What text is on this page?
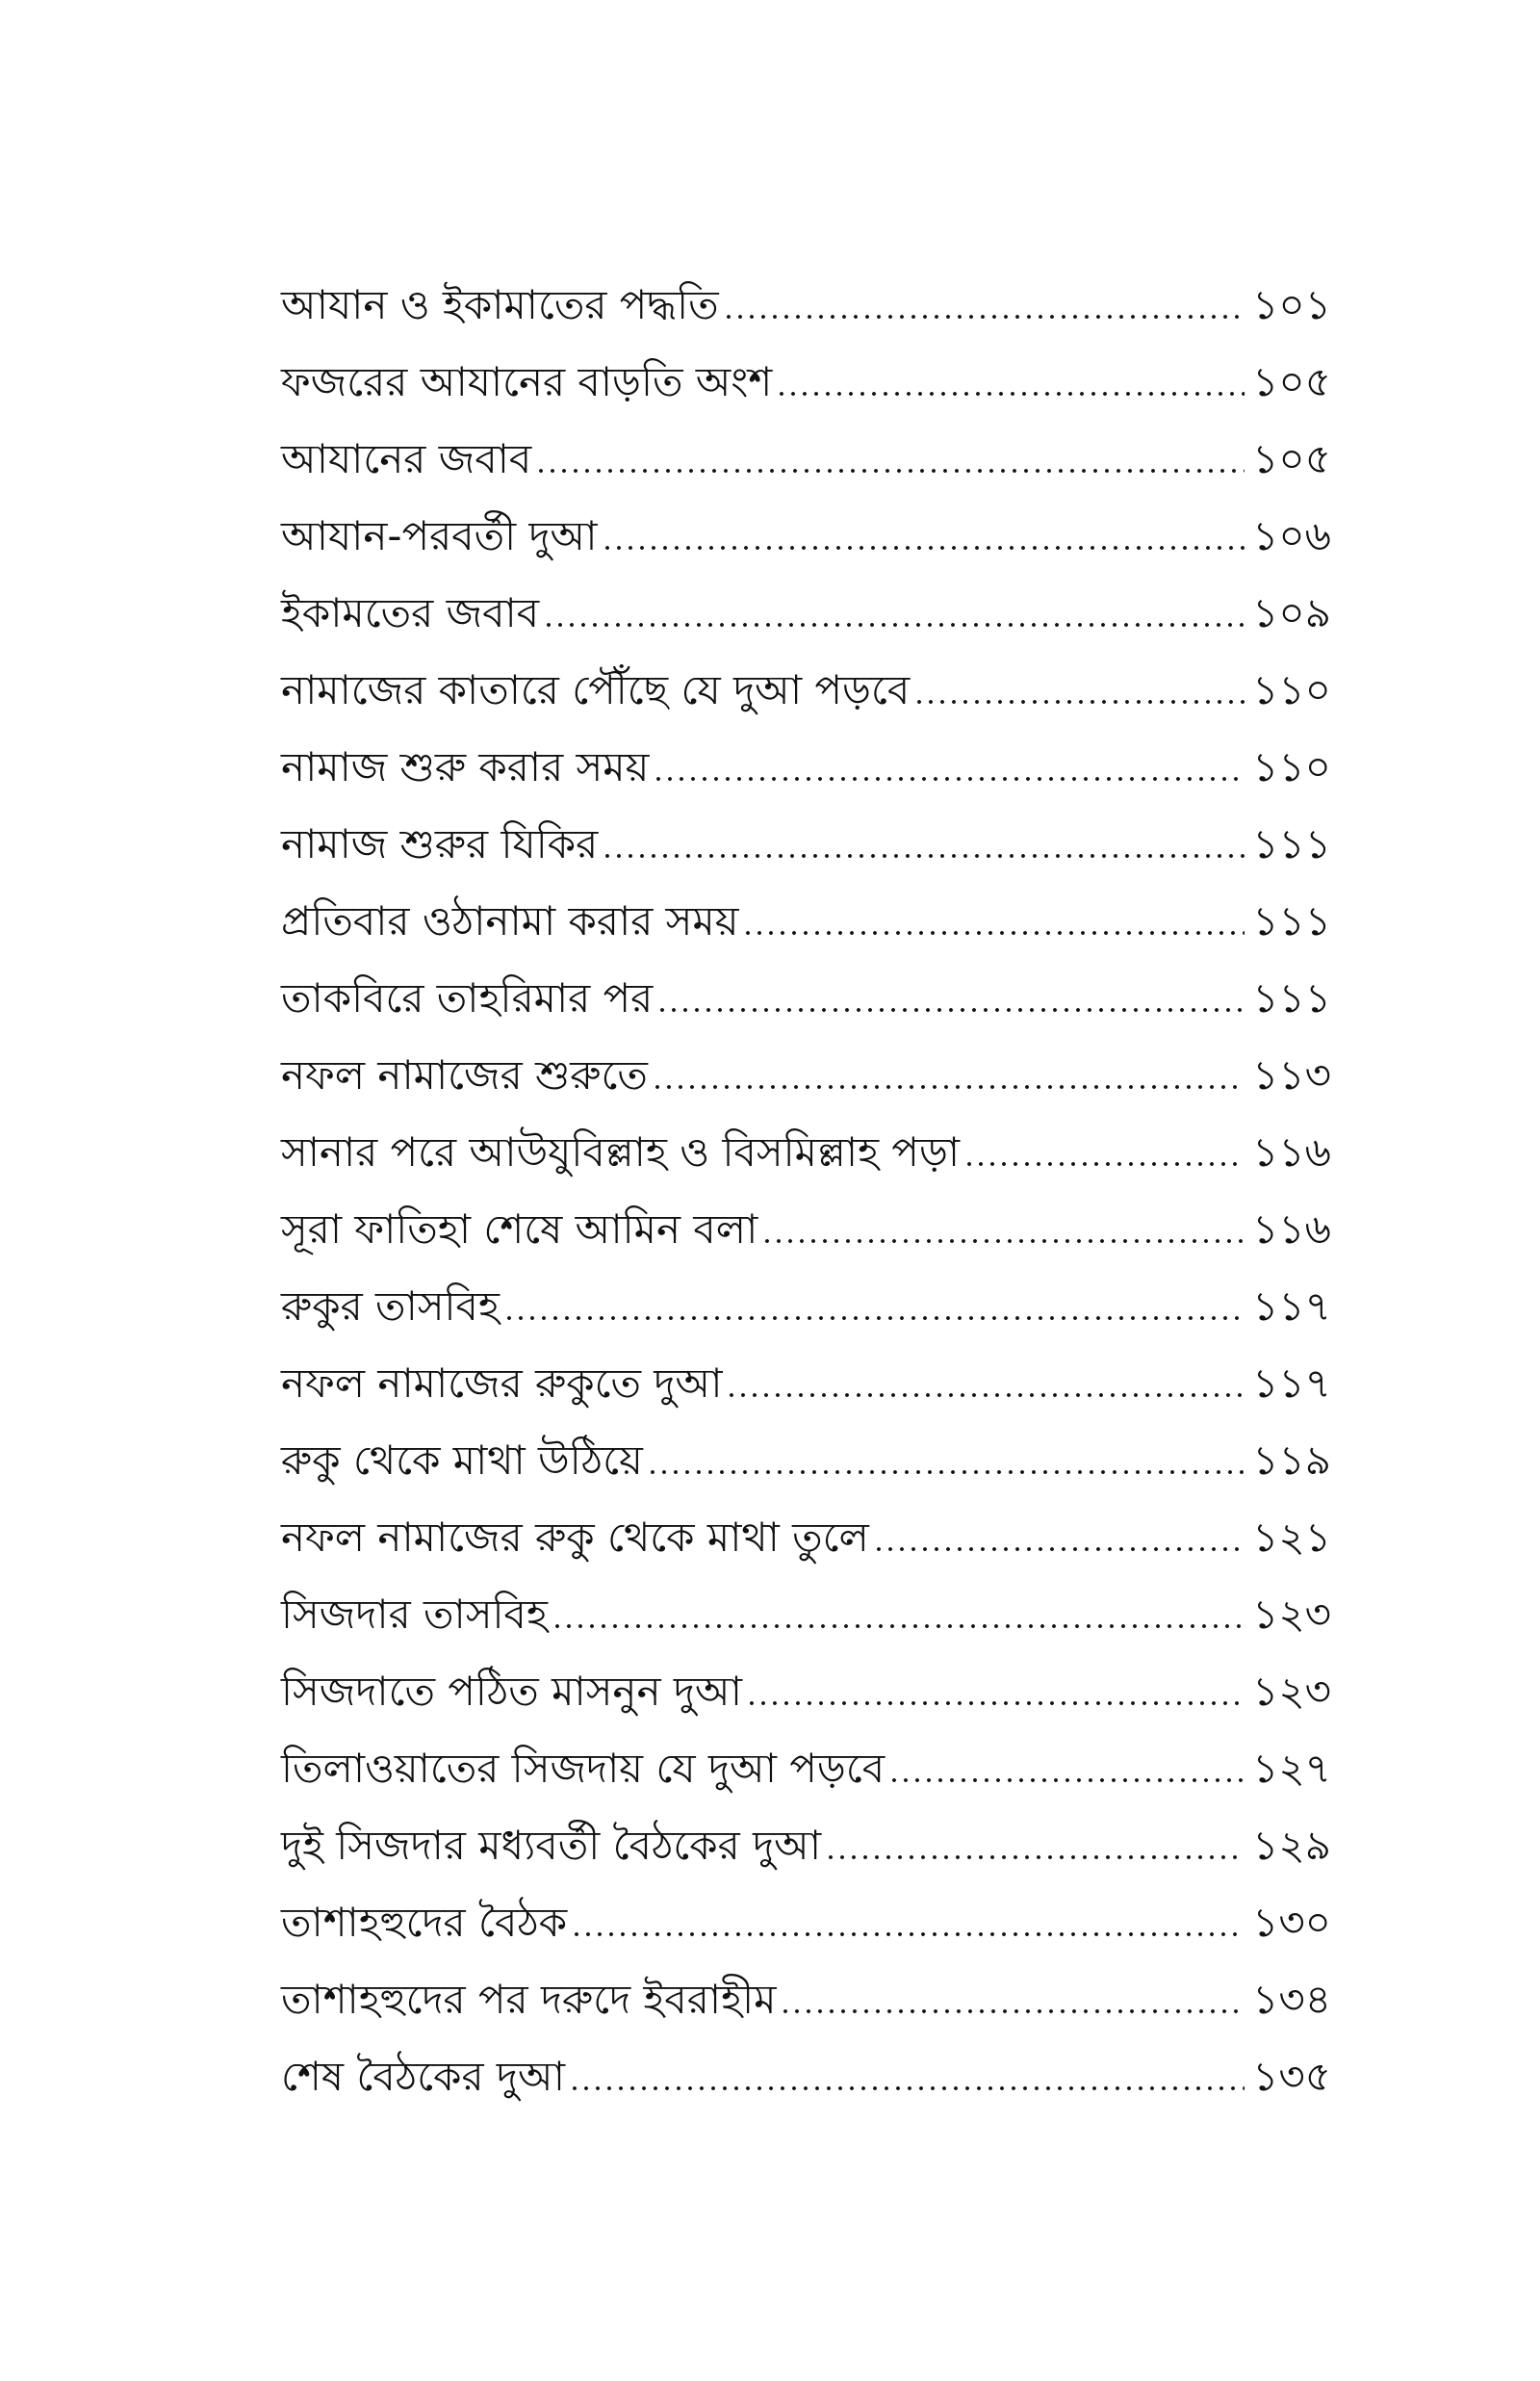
আযান ও ইকামাতের পদ্ধতি	১০১
ফজরের আযানের বাড়তি অংশ	১০৫
আযানের জবাব	১০৫
আযান-পরবর্তী দুআ	১০৬
ইকামতের জবাব	১০৯
নামাজের কাতারে পৌঁছে যে দুআ পড়বে	১১০
নামাজ শুরু করার সময়	১১০
নামাজ শুরুর যিকির	১১১
প্রতিবার ওঠানামা করার সময়	১১১
তাকবিরে তাহরিমার পর	১১১
নফল নামাজের শুরুতে	১১৩
সানার পরে আউযুবিল্লাহ ও বিসমিল্লাহ পড়া	১১৬
সূরা ফাতিহা শেষে আমিন বলা	১১৬
রুকুর তাসবিহ	১১৭
নফল নামাজের রুকুতে দুআ	১১৭
রুকু থেকে মাথা উঠিয়ে	১১৯
নফল নামাজের রুকু থেকে মাথা তুলে	১২১
সিজদার তাসবিহ	১২৩
সিজদাতে পঠিত মাসনুন দুআ	১২৩
তিলাওয়াতের সিজদায় যে দুআ পড়বে	১২৭
দুই সিজদার মধ্যবর্তী বৈঠকের দুআ	১২৯
তাশাহহুদের বৈঠক	১৩০
তাশাহহুদের পর দরুদে ইবরাহীম	১৩৪
শেষ বৈঠকের দুআ	১৩৫
